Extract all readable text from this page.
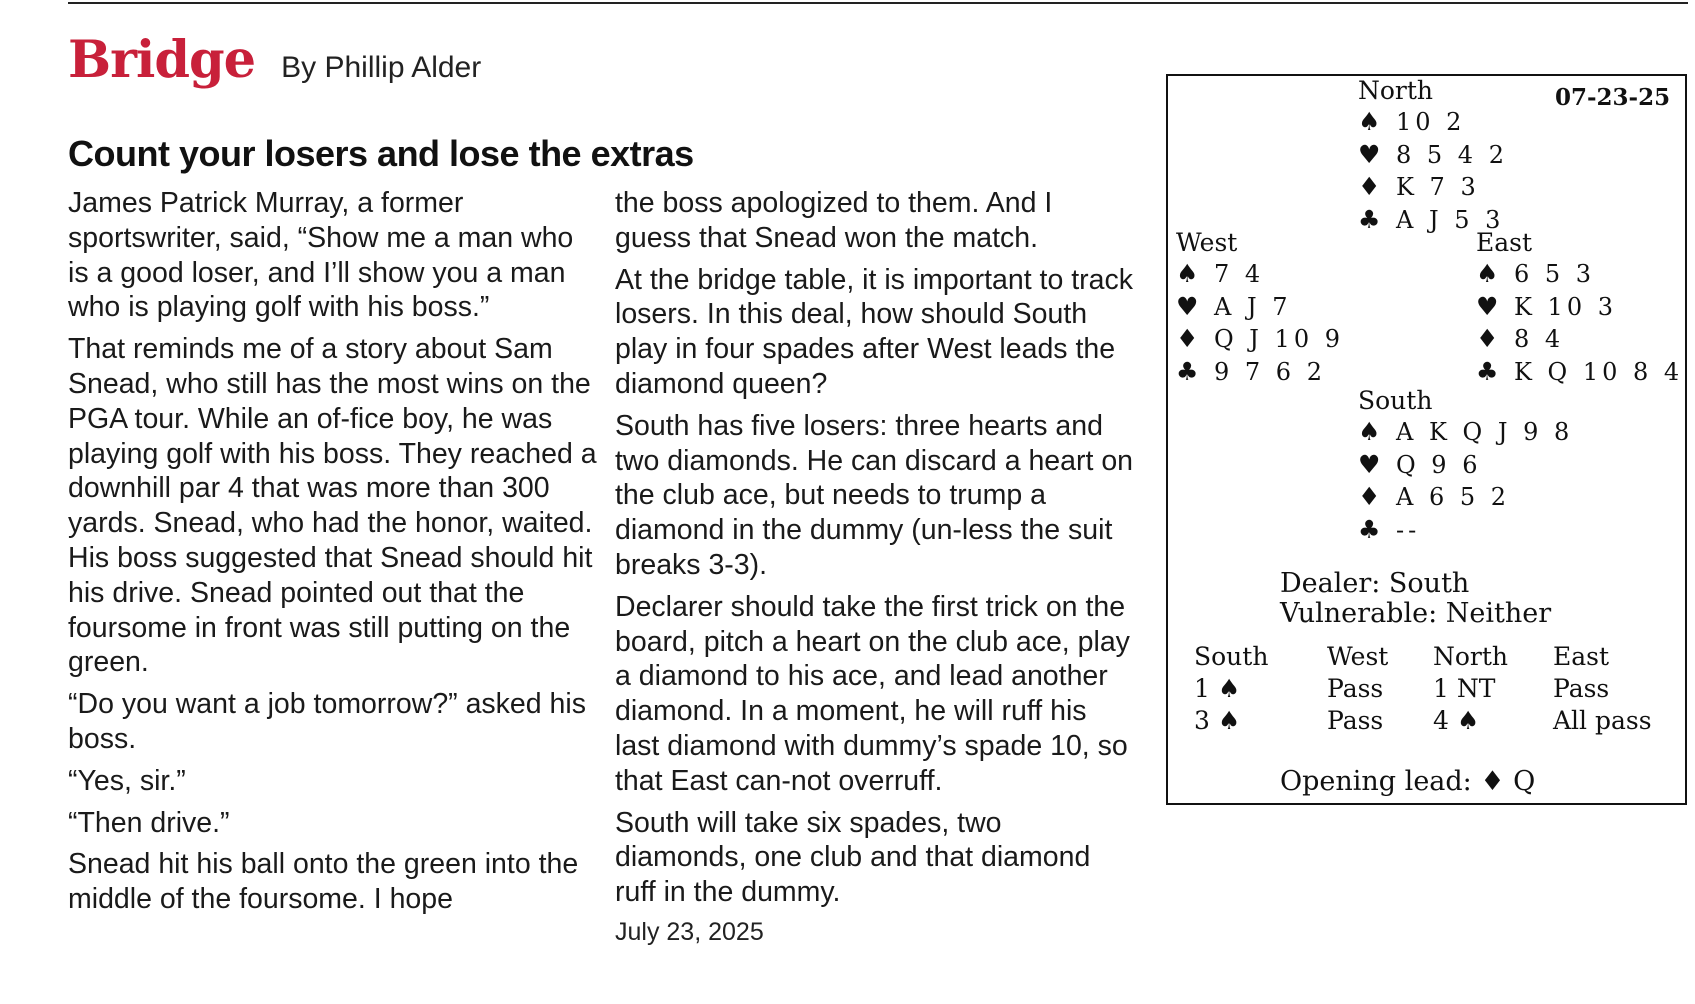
Bridge By Phillip Alder
Count your losers and lose the extras

James Patrick Murray, a former sportswriter, said, “Show me a man who is a good loser, and I’ll show you a man who is playing golf with his boss.”

That reminds me of a story about Sam Snead, who still has the most wins on the PGA tour. While an of-fice boy, he was playing golf with his boss. They reached a downhill par 4 that was more than 300 yards. Snead, who had the honor, waited. His boss suggested that Snead should hit his drive. Snead pointed out that the foursome in front was still putting on the green.

“Do you want a job tomorrow?” asked his boss.

“Yes, sir.”

“Then drive.”

Snead hit his ball onto the green into the middle of the foursome. I hope

the boss apologized to them. And I guess that Snead won the match.

At the bridge table, it is important to track losers. In this deal, how should South play in four spades after West leads the diamond queen?

South has five losers: three hearts and two diamonds. He can discard a heart on the club ace, but needs to trump a diamond in the dummy (un-less the suit breaks 3-3).

Declarer should take the first trick on the board, pitch a heart on the club ace, play a diamond to his ace, and lead another diamond. In a moment, he will ruff his last diamond with dummy’s spade 10, so that East can-not overruff.

South will take six spades, two diamonds, one club and that diamond ruff in the dummy.

July 23, 2025
07-23-25
North
♠ 10 2
♥ 8 5 4 2
♦ K 7 3
♣ A J 5 3
West
♠ 7 4
♥ A J 7
♦ Q J 10 9
♣ 9 7 6 2
East
♠ 6 5 3
♥ K 10 3
♦ 8 4
♣ K Q 10 8 4
South
♠ A K Q J 9 8
♥ Q 9 6
♦ A 6 5 2
♣ --
Dealer: South
Vulnerable: Neither
South West North East
1 ♠	Pass 1 NT Pass
3 ♠	Pass 4 ♠	All pass
Opening lead: ♦ Q
